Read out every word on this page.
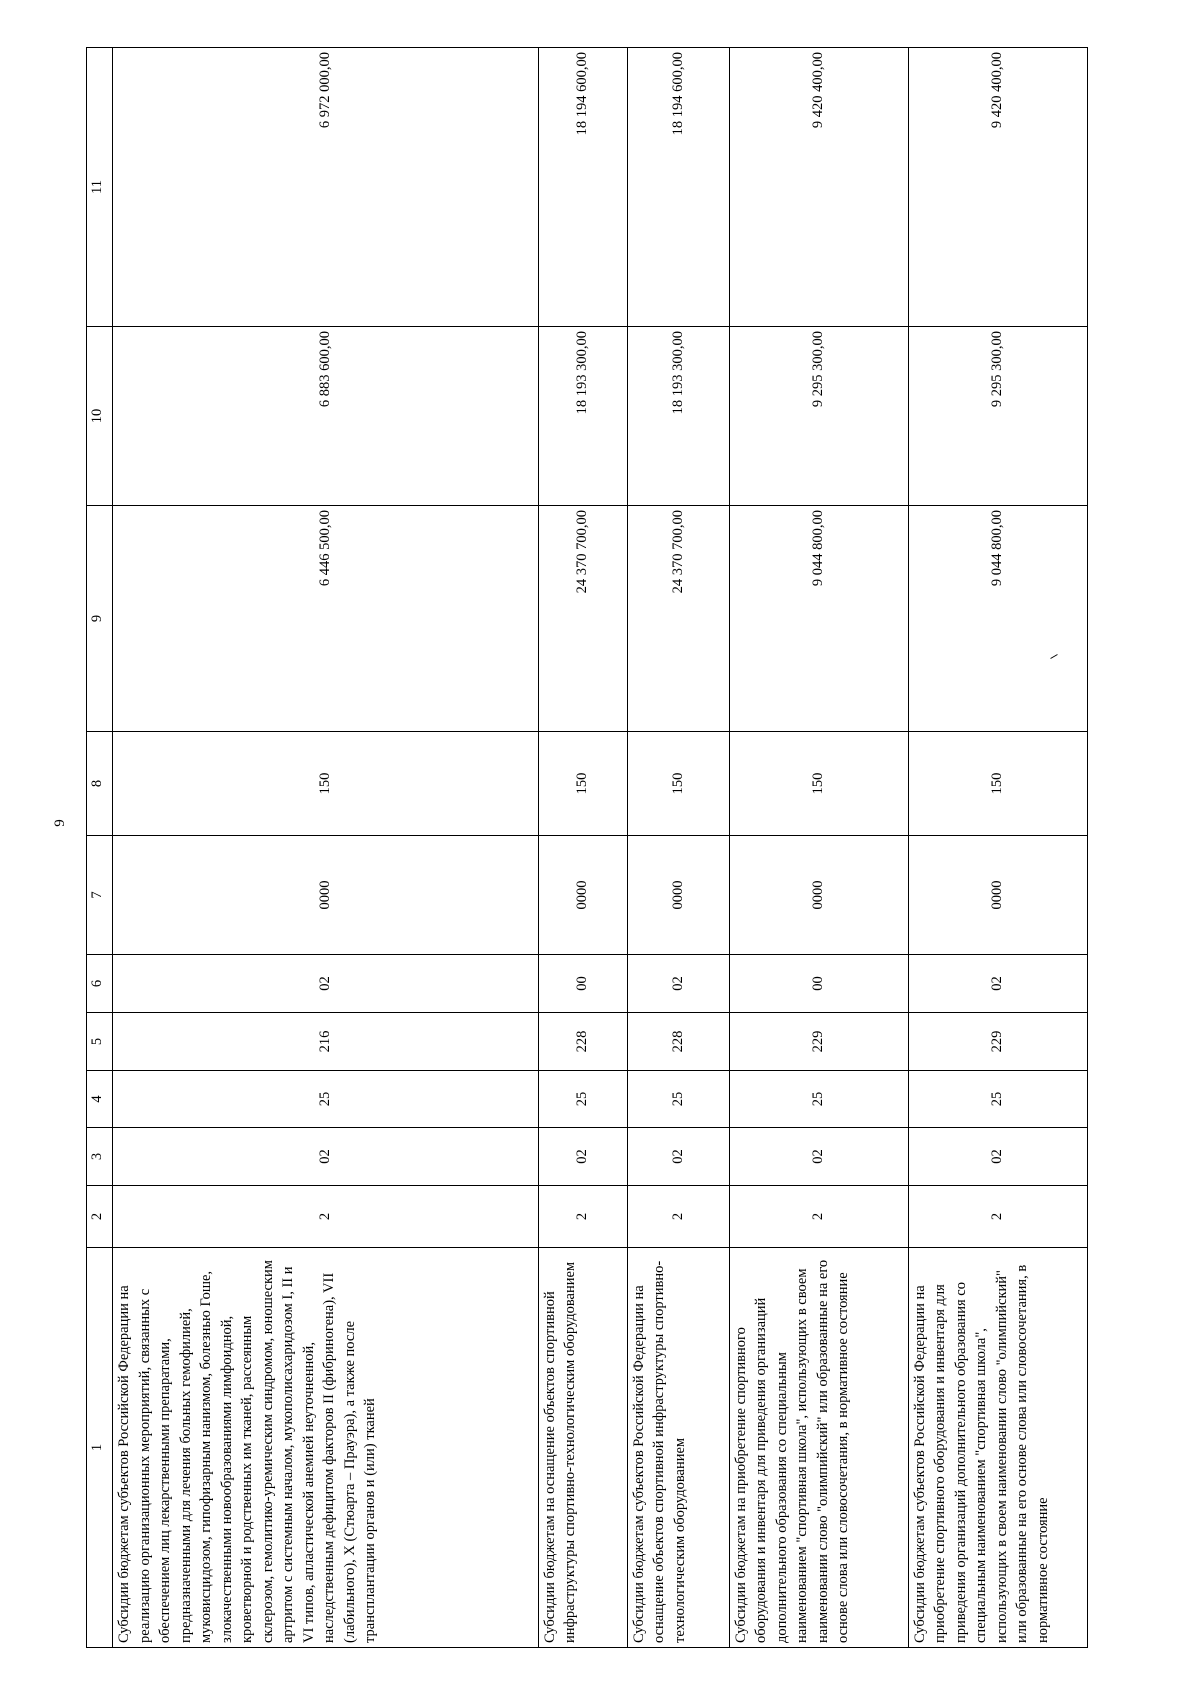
9
1	2	3	4	5	6	7	8	9	10	11
Субсидии бюджетам субъектов Российской Федерации на реализацию организационных мероприятий, связанных с обеспечением лиц лекарственными препаратами, предназначенными для лечения больных гемофилией, муковисцидозом, гипофизарным нанизмом, болезнью Гоше, злокачественными новообразованиями лимфоидной, кроветворной и родственных им тканей, рассеянным склерозом, гемолитико-уремическим синдромом, юношеским артритом с системным началом, мукополисахаридозом I, II и VI типов, апластической анемией неуточненной, наследственным дефицитом факторов II (фибриногена), VII (лабильного), X (Стюарта – Прауэра), а также после трансплантации органов и (или) тканей	2	02	25	216	02	0000	150	6 446 500,00	6 883 600,00	6 972 000,00
Субсидии бюджетам на оснащение объектов спортивной инфраструктуры спортивно-технологическим оборудованием	2	02	25	228	00	0000	150	24 370 700,00	18 193 300,00	18 194 600,00
Субсидии бюджетам субъектов Российской Федерации на оснащение объектов спортивной инфраструктуры спортивно-технологическим оборудованием	2	02	25	228	02	0000	150	24 370 700,00	18 193 300,00	18 194 600,00
Субсидии бюджетам на приобретение спортивного оборудования и инвентаря для приведения организаций дополнительного образования со специальным наименованием "спортивная школа", использующих в своем наименовании слово "олимпийский" или образованные на его основе слова или словосочетания, в нормативное состояние	2	02	25	229	00	0000	150	9 044 800,00	9 295 300,00	9 420 400,00
Субсидии бюджетам субъектов Российской Федерации на приобретение спортивного оборудования и инвентаря для приведения организаций дополнительного образования со специальным наименованием "спортивная школа", использующих в своем наименовании слово "олимпийский" или образованные на его основе слова или словосочетания, в нормативное состояние	2	02	25	229	02	0000	150	9 044 800,00	9 295 300,00	9 420 400,00
